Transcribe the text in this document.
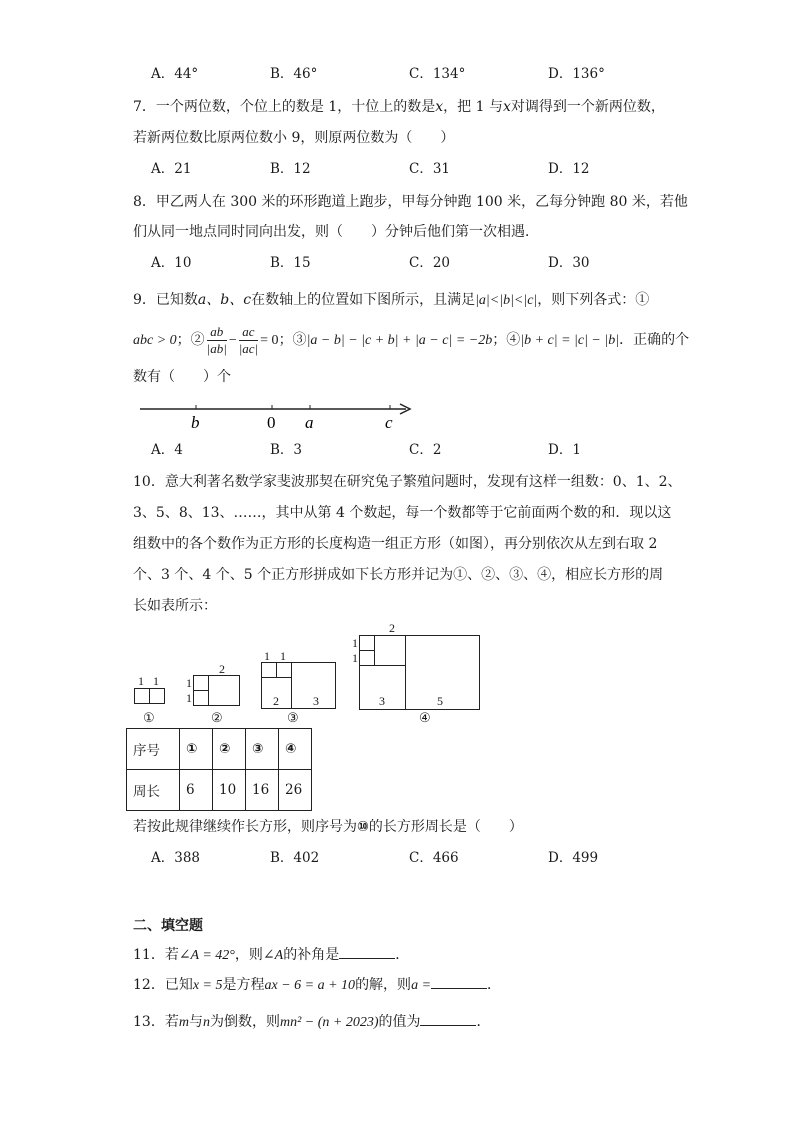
A．44°	B．46°	C．134°	D．136°
7．一个两位数，个位上的数是 1，十位上的数是x，把 1 与x对调得到一个新两位数，
若新两位数比原两位数小 9，则原两位数为（　　）
A．21	B．12	C．31	D．12
8．甲乙两人在 300 米的环形跑道上跑步，甲每分钟跑 100 米，乙每分钟跑 80 米，若他
们从同一地点同时同向出发，则（　　）分钟后他们第一次相遇．
A．10	B．15	C．20	D．30
9．已知数a、b、c在数轴上的位置如下图所示，且满足|a|<|b|<|c|，则下列各式：①
abc > 0；② $\frac{ab}{|ab|} - \frac{ac}{|ac|} = 0$；③|a − b| − |c + b| + |a − c| = −2b；④|b + c| = |c| − |b|．正确的个
数有（　　）个
b	0 a	c
A．4	B．3	C．2	D．1
10．意大利著名数学家斐波那契在研究兔子繁殖问题时，发现有这样一组数：0、1、2、
3、5、8、13、……，其中从第 4 个数起，每一个数都等于它前面两个数的和．现以这
组数中的各个数作为正方形的长度构造一组正方形（如图），再分别依次从左到右取 2
个、3 个、4 个、5 个正方形拼成如下长方形并记为①、②、③、④，相应长方形的周
长如表所示：
1 1
①
2
1
1
②
1 1
2	3
③
2
1
1
3	5
④
序号	①	②	③	④
周长	6	10	16	26
若按此规律继续作长方形，则序号为⑩的长方形周长是（　　）
A．388	B．402	C．466	D．499
二、填空题
11．若∠A = 42°，则∠A的补角是	．
12．已知x = 5是方程ax − 6 = a + 10的解，则a =	．
13．若m与n为倒数，则mn² − (n + 2023)的值为	．
